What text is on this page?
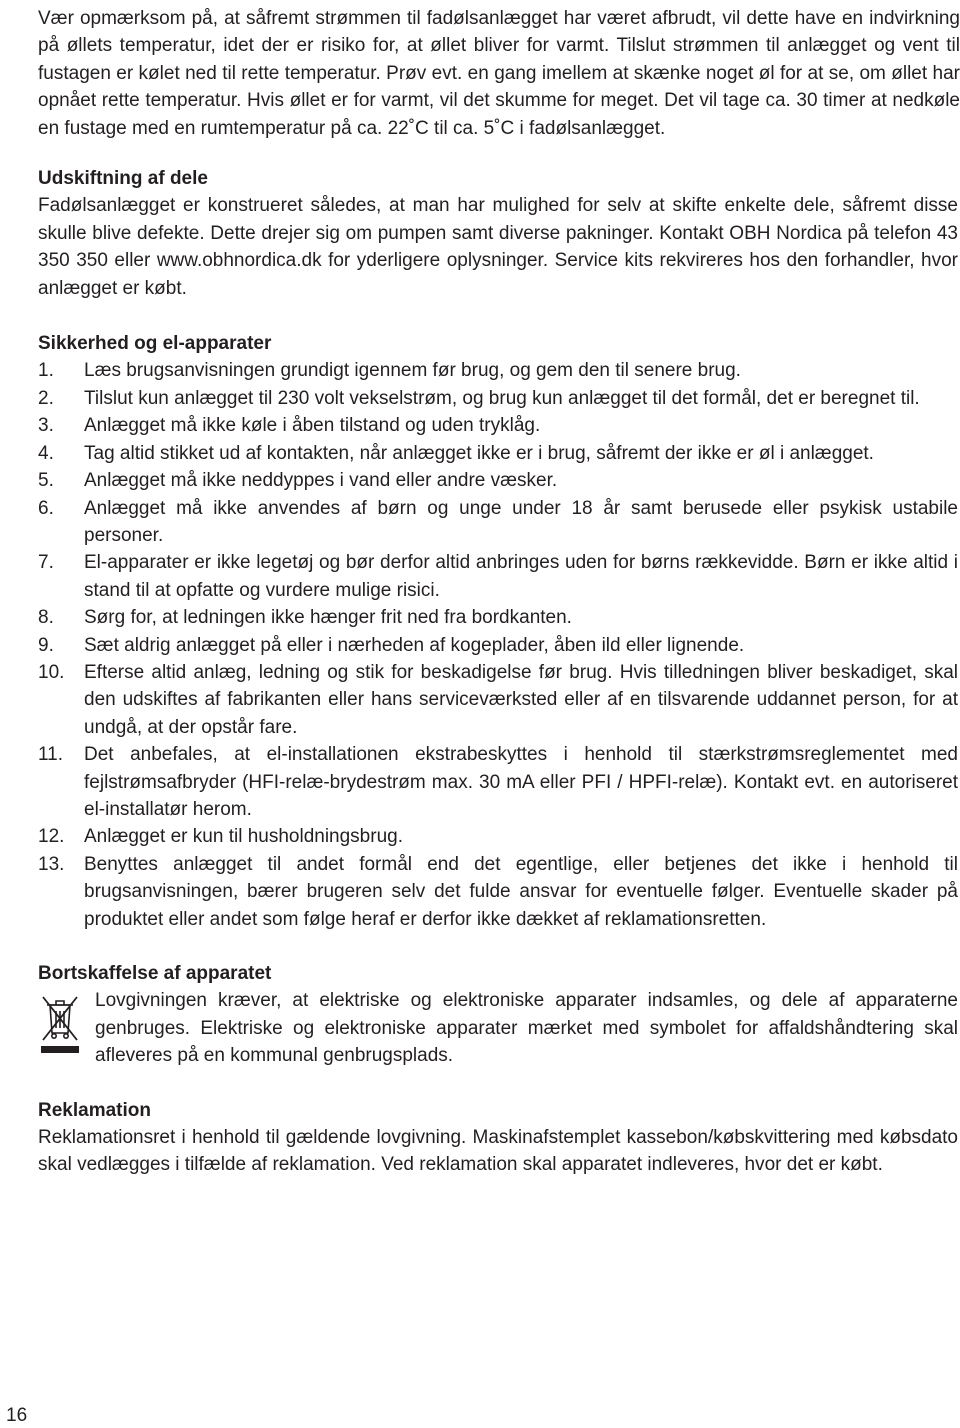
Vær opmærksom på, at såfremt strømmen til fadølsanlægget har været afbrudt, vil dette have en indvirkning på øllets temperatur, idet der er risiko for, at øllet bliver for varmt. Tilslut strømmen til anlægget og vent til fustagen er kølet ned til rette temperatur. Prøv evt. en gang imellem at skænke noget øl for at se, om øllet har opnået rette temperatur. Hvis øllet er for varmt, vil det skumme for meget. Det vil tage ca. 30 timer at nedkøle en fustage med en rumtemperatur på ca. 22˚C til ca. 5˚C i fadølsanlægget.

Udskiftning af dele

Fadølsanlægget er konstrueret således, at man har mulighed for selv at skifte enkelte dele, såfremt disse skulle blive defekte. Dette drejer sig om pumpen samt diverse pakninger. Kontakt OBH Nordica på telefon 43 350 350 eller www.obhnordica.dk for yderligere oplysninger. Service kits rekvireres hos den forhandler, hvor anlægget er købt.

Sikkerhed og el-apparater
1.	Læs brugsanvisningen grundigt igennem før brug, og gem den til senere brug.
2.	Tilslut kun anlægget til 230 volt vekselstrøm, og brug kun anlægget til det formål, det er beregnet til.
3.	Anlægget må ikke køle i åben tilstand og uden tryklåg.
4.	Tag altid stikket ud af kontakten, når anlægget ikke er i brug, såfremt der ikke er øl i anlægget.
5.	Anlægget må ikke neddyppes i vand eller andre væsker.
6.	Anlægget må ikke anvendes af børn og unge under 18 år samt berusede eller psykisk ustabile personer.
7.	El-apparater er ikke legetøj og bør derfor altid anbringes uden for børns rækkevidde. Børn er ikke altid i stand til at opfatte og vurdere mulige risici.
8.	Sørg for, at ledningen ikke hænger frit ned fra bordkanten.
9.	Sæt aldrig anlægget på eller i nærheden af kogeplader, åben ild eller lignende.
10.	Efterse altid anlæg, ledning og stik for beskadigelse før brug. Hvis tilledningen bliver beskadiget, skal den udskiftes af fabrikanten eller hans serviceværksted eller af en tilsvarende uddannet person, for at undgå, at der opstår fare.
11.	Det anbefales, at el-installationen ekstrabeskyttes i henhold til stærkstrømsreglementet med fejlstrømsafbryder (HFI-relæ-brydestrøm max. 30 mA eller PFI / HPFI-relæ). Kontakt evt. en autoriseret el-installatør herom.
12.	Anlægget er kun til husholdningsbrug.
13.	Benyttes anlægget til andet formål end det egentlige, eller betjenes det ikke i henhold til brugsanvisningen, bærer brugeren selv det fulde ansvar for eventuelle følger. Eventuelle skader på produktet eller andet som følge heraf er derfor ikke dækket af reklamationsretten.
Bortskaffelse af apparatet

Lovgivningen kræver, at elektriske og elektroniske apparater indsamles, og dele af apparaterne genbruges. Elektriske og elektroniske apparater mærket med symbolet for affaldshåndtering skal afleveres på en kommunal genbrugsplads.

Reklamation

Reklamationsret i henhold til gældende lovgivning. Maskinafstemplet kassebon/købskvittering med købsdato skal vedlægges i tilfælde af reklamation. Ved reklamation skal apparatet indleveres, hvor det er købt.

16
